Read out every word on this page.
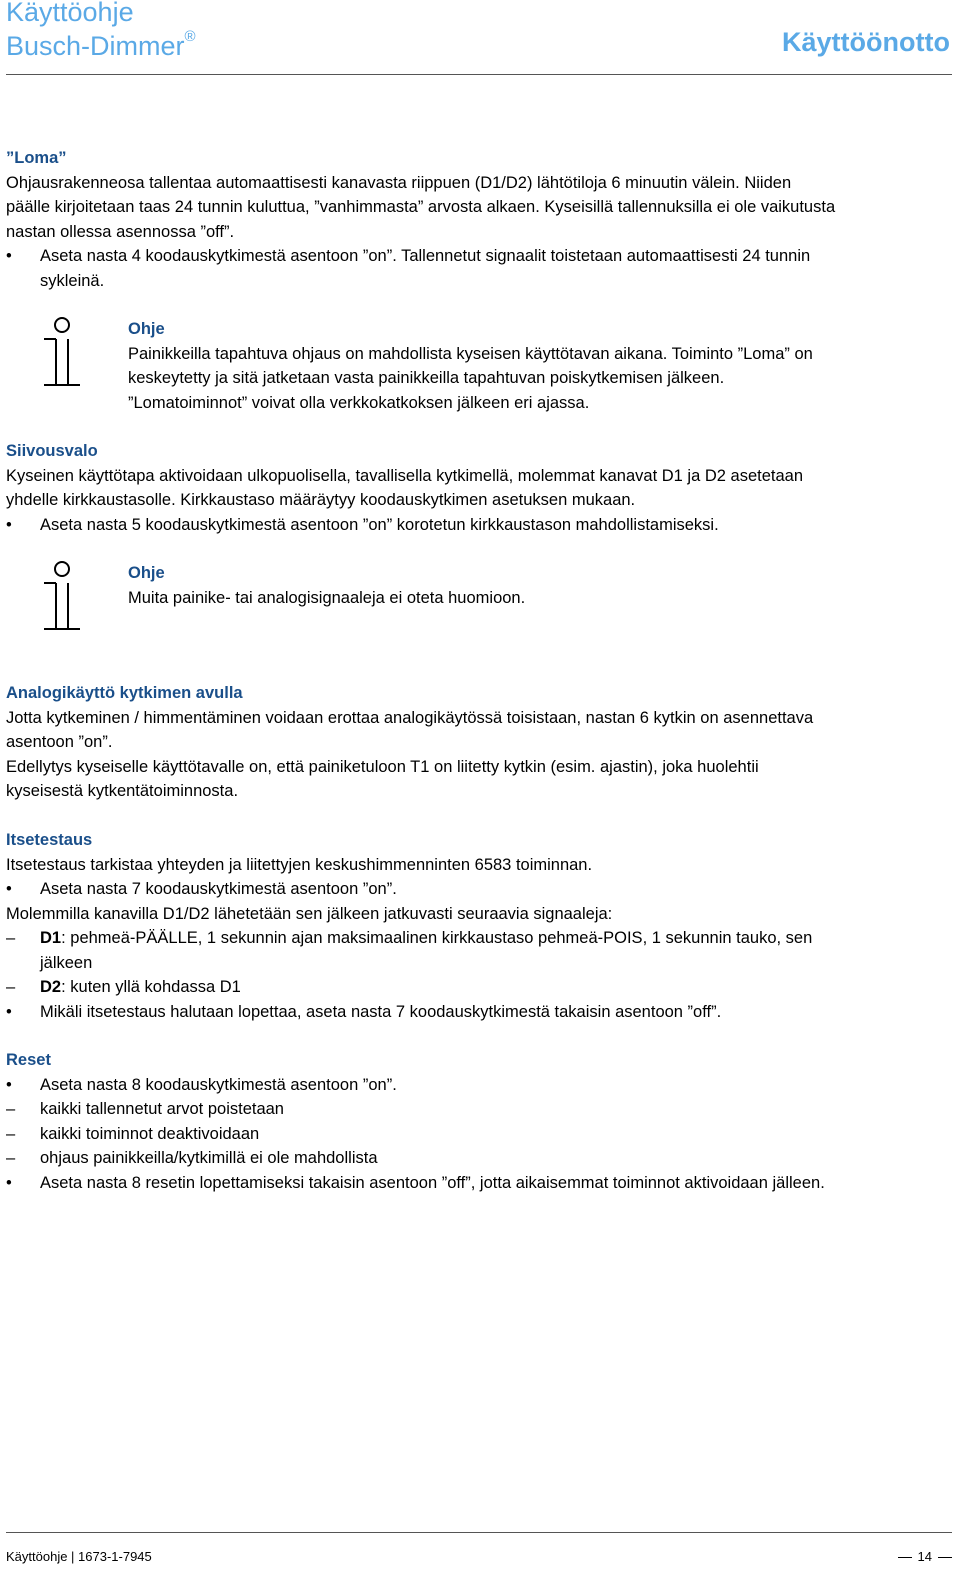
Käyttöohje
Busch-Dimmer®	Käyttöönotto

”Loma”

Ohjausrakenneosa tallentaa automaattisesti kanavasta riippuen (D1/D2) lähtötiloja 6 minuutin välein. Niiden

päälle kirjoitetaan taas 24 tunnin kuluttua, ”vanhimmasta” arvosta alkaen. Kyseisillä tallennuksilla ei ole vaikutusta

nastan ollessa asennossa ”off”.

• Aseta nasta 4 koodauskytkimestä asentoon ”on”. Tallennetut signaalit toistetaan automaattisesti 24 tunnin

sykleinä.

Ohje

Painikkeilla tapahtuva ohjaus on mahdollista kyseisen käyttötavan aikana. Toiminto ”Loma” on

keskeytetty ja sitä jatketaan vasta painikkeilla tapahtuvan poiskytkemisen jälkeen.

”Lomatoiminnot” voivat olla verkkokatkoksen jälkeen eri ajassa.

Siivousvalo

Kyseinen käyttötapa aktivoidaan ulkopuolisella, tavallisella kytkimellä, molemmat kanavat D1 ja D2 asetetaan

yhdelle kirkkaustasolle. Kirkkaustaso määräytyy koodauskytkimen asetuksen mukaan.

• Aseta nasta 5 koodauskytkimestä asentoon ”on” korotetun kirkkaustason mahdollistamiseksi.

Ohje

Muita painike- tai analogisignaaleja ei oteta huomioon.

Analogikäyttö kytkimen avulla

Jotta kytkeminen / himmentäminen voidaan erottaa analogikäytössä toisistaan, nastan 6 kytkin on asennettava

asentoon ”on”.

Edellytys kyseiselle käyttötavalle on, että painiketuloon T1 on liitetty kytkin (esim. ajastin), joka huolehtii

kyseisestä kytkentätoiminnosta.

Itsetestaus

Itsetestaus tarkistaa yhteyden ja liitettyjen keskushimmenninten 6583 toiminnan.

• Aseta nasta 7 koodauskytkimestä asentoon ”on”.

Molemmilla kanavilla D1/D2 lähetetään sen jälkeen jatkuvasti seuraavia signaaleja:

– D1: pehmeä-PÄÄLLE, 1 sekunnin ajan maksimaalinen kirkkaustaso pehmeä-POIS, 1 sekunnin tauko, sen

jälkeen

– D2: kuten yllä kohdassa D1

• Mikäli itsetestaus halutaan lopettaa, aseta nasta 7 koodauskytkimestä takaisin asentoon ”off”.

Reset

• Aseta nasta 8 koodauskytkimestä asentoon ”on”.

– kaikki tallennetut arvot poistetaan

– kaikki toiminnot deaktivoidaan

– ohjaus painikkeilla/kytkimillä ei ole mahdollista

• Aseta nasta 8 resetin lopettamiseksi takaisin asentoon ”off”, jotta aikaisemmat toiminnot aktivoidaan jälleen.

Käyttöohje | 1673-1-7945	14
